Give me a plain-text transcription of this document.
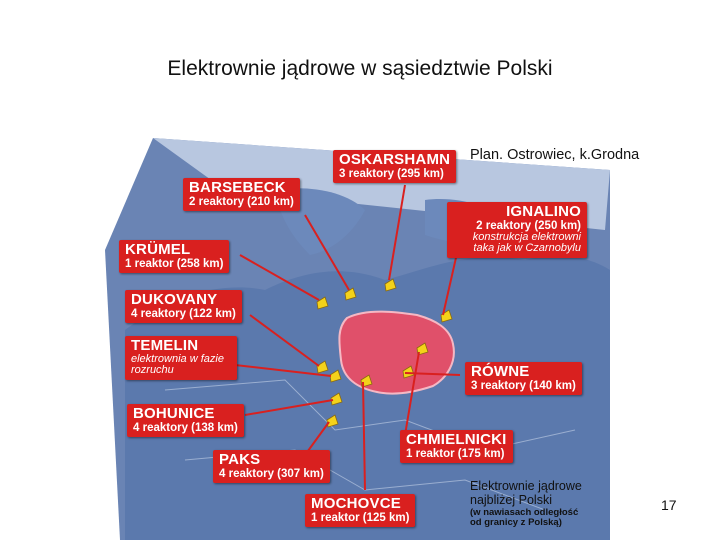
Elektrownie jądrowe w sąsiedztwie Polski
OSKARSHAMN
3 reaktory (295 km)
BARSEBECK
2 reaktory (210 km)
IGNALINO
2 reaktory (250 km)
konstrukcja elektrowni taka jak w Czarnobylu
KRÜMEL
1 reaktor (258 km)
DUKOVANY
4 reaktory (122 km)
TEMELIN
elektrownia w fazie rozruchu	RÓWNE
3 reaktory (140 km)
BOHUNICE
4 reaktory (138 km)
CHMIELNICKI
1 reaktor (175 km)
PAKS
4 reaktory (307 km)
MOCHOVCE
1 reaktor (125 km)
Plan. Ostrowiec, k.Grodna
Elektrownie jądrowe
najbliżej Polski
(w nawiasach odległość
od granicy z Polską)
17
